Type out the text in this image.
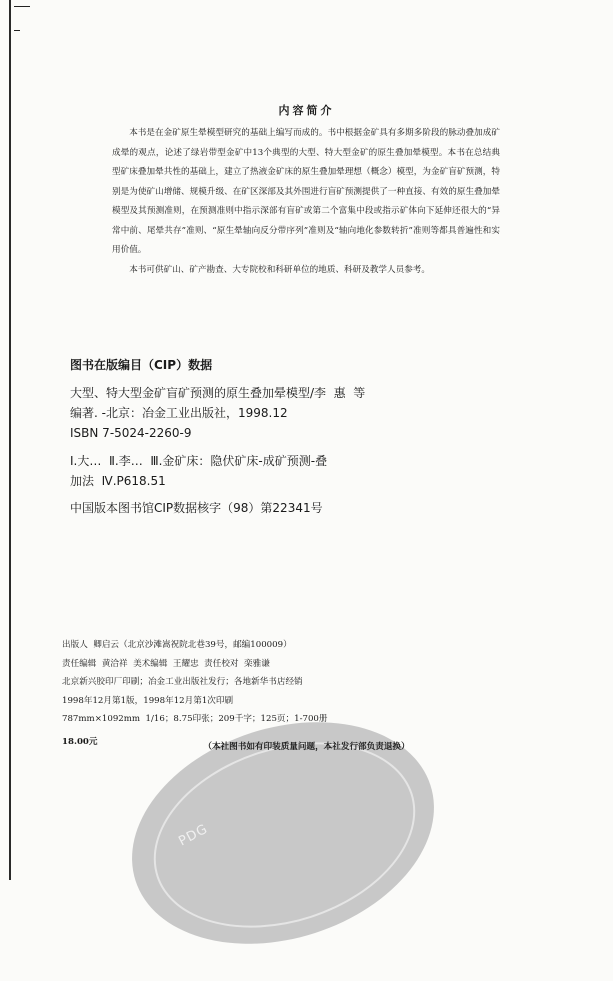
内容简介

本书是在金矿原生晕模型研究的基础上编写而成的。书中根据金矿具有多期多阶段的脉动叠加成矿成晕的观点，论述了绿岩带型金矿中13个典型的大型、特大型金矿的原生叠加晕模型。本书在总结典型矿床叠加晕共性的基础上，建立了热液金矿床的原生叠加晕理想（概念）模型，为金矿盲矿预测，特别是为使矿山增储、规模升级、在矿区深部及其外围进行盲矿预测提供了一种直接、有效的原生叠加晕模型及其预测准则，在预测准则中指示深部有盲矿或第二个富集中段或指示矿体向下延伸还很大的“异常中前、尾晕共存”准则、“原生晕轴向反分带序列”准则及“轴向地化参数转折”准则等都具普遍性和实用价值。

本书可供矿山、矿产勘查、大专院校和科研单位的地质、科研及教学人员参考。

图书在版编目（CIP）数据
大型、特大型金矿盲矿预测的原生叠加晕模型/李  惠  等
编著. -北京：冶金工业出版社，1998.12
ISBN 7-5024-2260-9
Ⅰ.大…  Ⅱ.李…  Ⅲ.金矿床：隐伏矿床-成矿预测-叠
加法  Ⅳ.P618.51
中国版本图书馆CIP数据核字（98）第22341号
PDG
出版人  卿启云（北京沙滩嵩祝院北巷39号，邮编100009）
责任编辑  黄洽祥  美术编辑  王耀忠  责任校对  栾雅谦
北京新兴胶印厂印刷；冶金工业出版社发行；各地新华书店经销
1998年12月第1版，1998年12月第1次印刷
787mm×1092mm  1/16；8.75印张；209千字；125页；1-700册
18.00元
（本社图书如有印装质量问题，本社发行部负责退换）
